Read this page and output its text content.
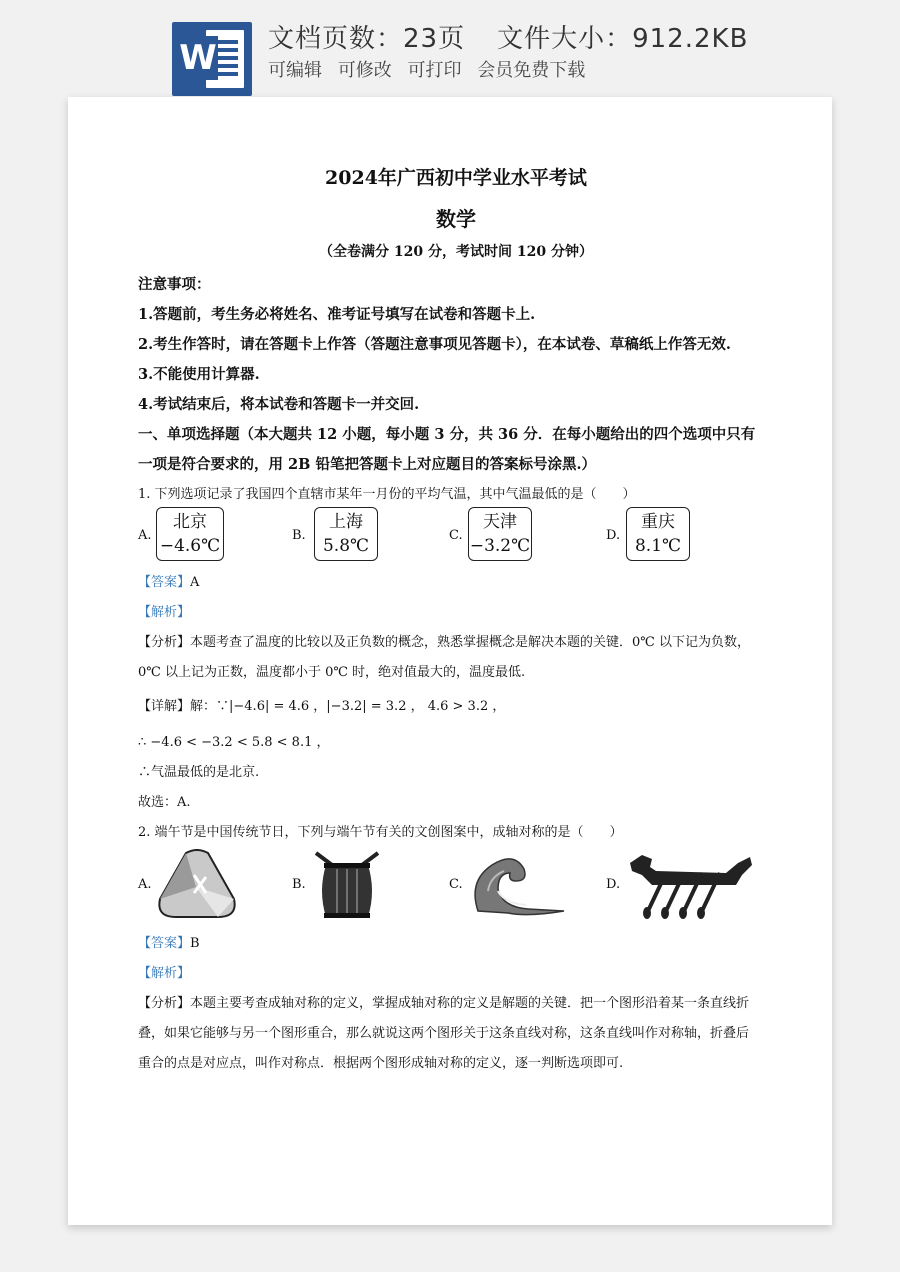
W 文档页数：23页 文件大小：912.2KB
可编辑 可修改 可打印 会员免费下载
2024年广西初中学业水平考试
数学
（全卷满分 120 分，考试时间 120 分钟）
注意事项：
1.答题前，考生务必将姓名、准考证号填写在试卷和答题卡上.
2.考生作答时，请在答题卡上作答（答题注意事项见答题卡），在本试卷、草稿纸上作答无效.
3.不能使用计算器.
4.考试结束后，将本试卷和答题卡一并交回.
一、单项选择题（本大题共 12 小题，每小题 3 分，共 36 分．在每小题给出的四个选项中只有
一项是符合要求的，用 2B 铅笔把答题卡上对应题目的答案标号涂黑.）
1. 下列选项记录了我国四个直辖市某年一月份的平均气温，其中气温最低的是（　　）
A.
北京
−4.6℃
B.
上海
5.8℃
C.
天津
−3.2℃
D.
重庆
8.1℃
【答案】A
【解析】
【分析】本题考查了温度的比较以及正负数的概念，熟悉掌握概念是解决本题的关键．0℃ 以下记为负数，
0℃ 以上记为正数，温度都小于 0℃ 时，绝对值最大的，温度最低.
【详解】解：∵|−4.6| = 4.6 ，|−3.2| = 3.2 ， 4.6 > 3.2 ，
∴ −4.6 < −3.2 < 5.8 < 8.1 ，
∴气温最低的是北京.
故选：A.
2. 端午节是中国传统节日，下列与端午节有关的文创图案中，成轴对称的是（　　）
A.	B.	C.	D.
【答案】B
【解析】
【分析】本题主要考查成轴对称的定义，掌握成轴对称的定义是解题的关键．把一个图形沿着某一条直线折
叠，如果它能够与另一个图形重合，那么就说这两个图形关于这条直线对称，这条直线叫作对称轴，折叠后
重合的点是对应点，叫作对称点．根据两个图形成轴对称的定义，逐一判断选项即可.
